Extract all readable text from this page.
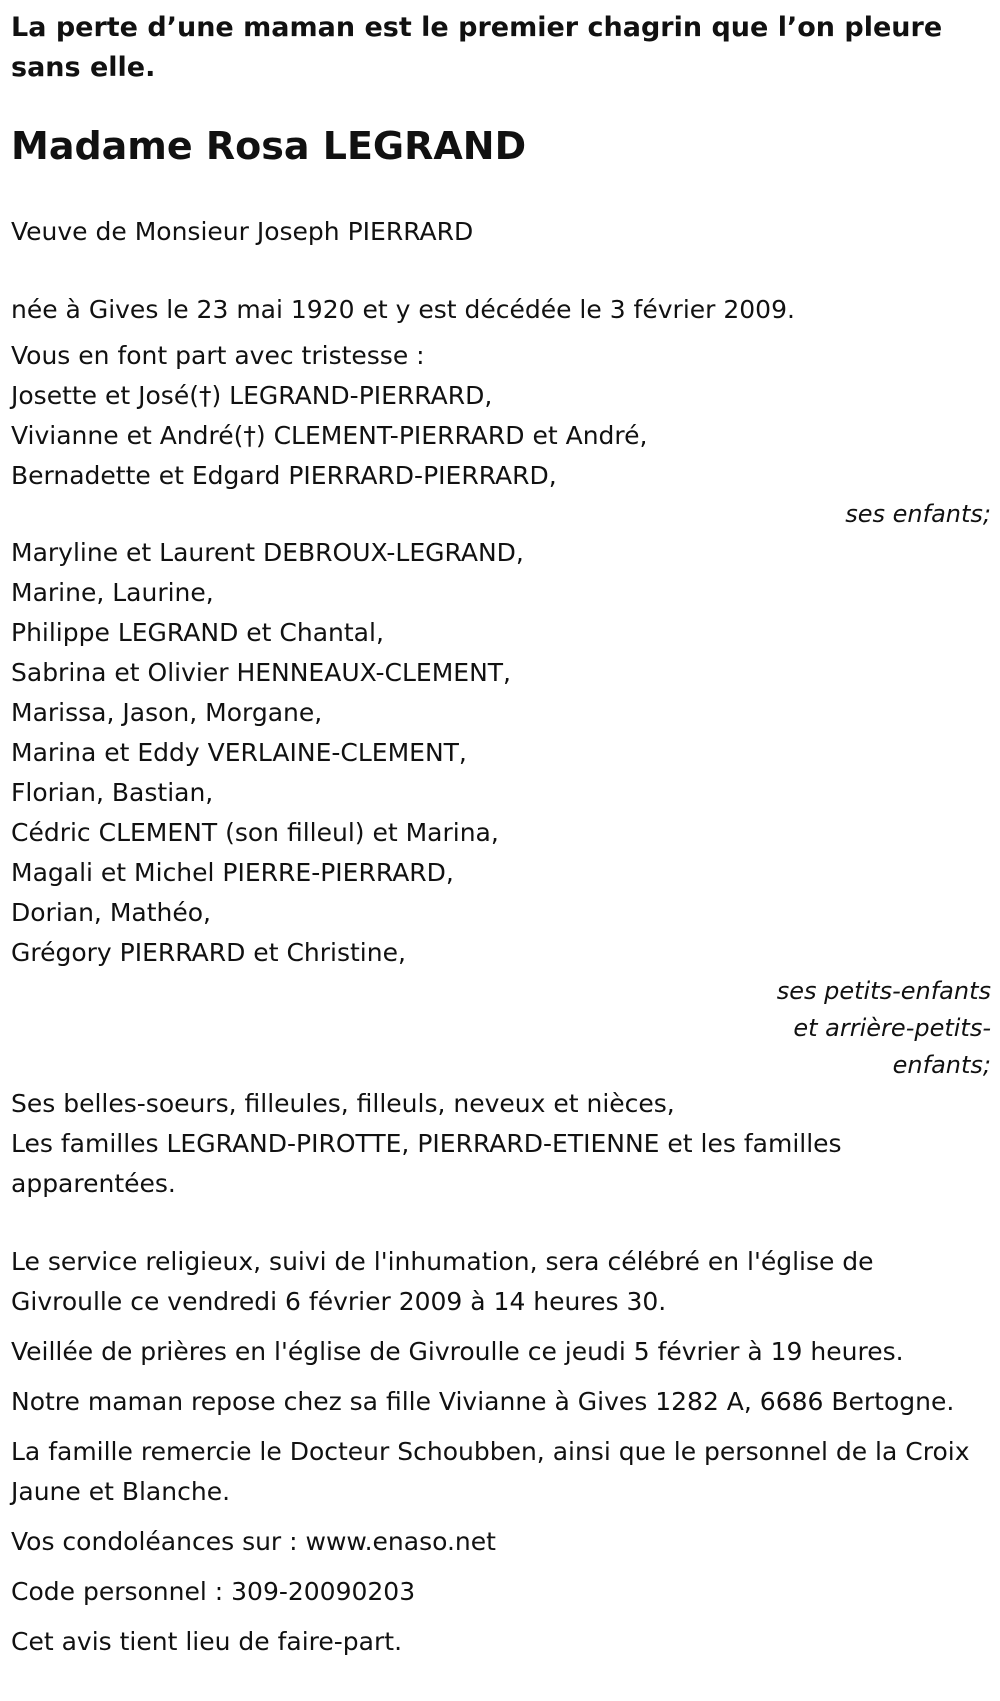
La perte d’une maman est le premier chagrin que l’on pleure sans elle.
Madame Rosa LEGRAND
Veuve de Monsieur Joseph PIERRARD
née à Gives le 23 mai 1920 et y est décédée le 3 février 2009.
Vous en font part avec tristesse :
Josette et José(†) LEGRAND-PIERRARD,
Vivianne et André(†) CLEMENT-PIERRARD et André,
Bernadette et Edgard PIERRARD-PIERRARD,
ses enfants;
Maryline et Laurent DEBROUX-LEGRAND,
Marine, Laurine,
Philippe LEGRAND et Chantal,
Sabrina et Olivier HENNEAUX-CLEMENT,
Marissa, Jason, Morgane,
Marina et Eddy VERLAINE-CLEMENT,
Florian, Bastian,
Cédric CLEMENT (son filleul) et Marina,
Magali et Michel PIERRE-PIERRARD,
Dorian, Mathéo,
Grégory PIERRARD et Christine,
ses petits-enfants
et arrière-petits-
enfants;
Ses belles-soeurs, filleules, filleuls, neveux et nièces,
Les familles LEGRAND-PIROTTE, PIERRARD-ETIENNE et les familles apparentées.
Le service religieux, suivi de l'inhumation, sera célébré en l'église de Givroulle ce vendredi 6 février 2009 à 14 heures 30.
Veillée de prières en l'église de Givroulle ce jeudi 5 février à 19 heures.
Notre maman repose chez sa fille Vivianne à Gives 1282 A, 6686 Bertogne.
La famille remercie le Docteur Schoubben, ainsi que le personnel de la Croix Jaune et Blanche.
Vos condoléances sur : www.enaso.net
Code personnel : 309-20090203
Cet avis tient lieu de faire-part.
